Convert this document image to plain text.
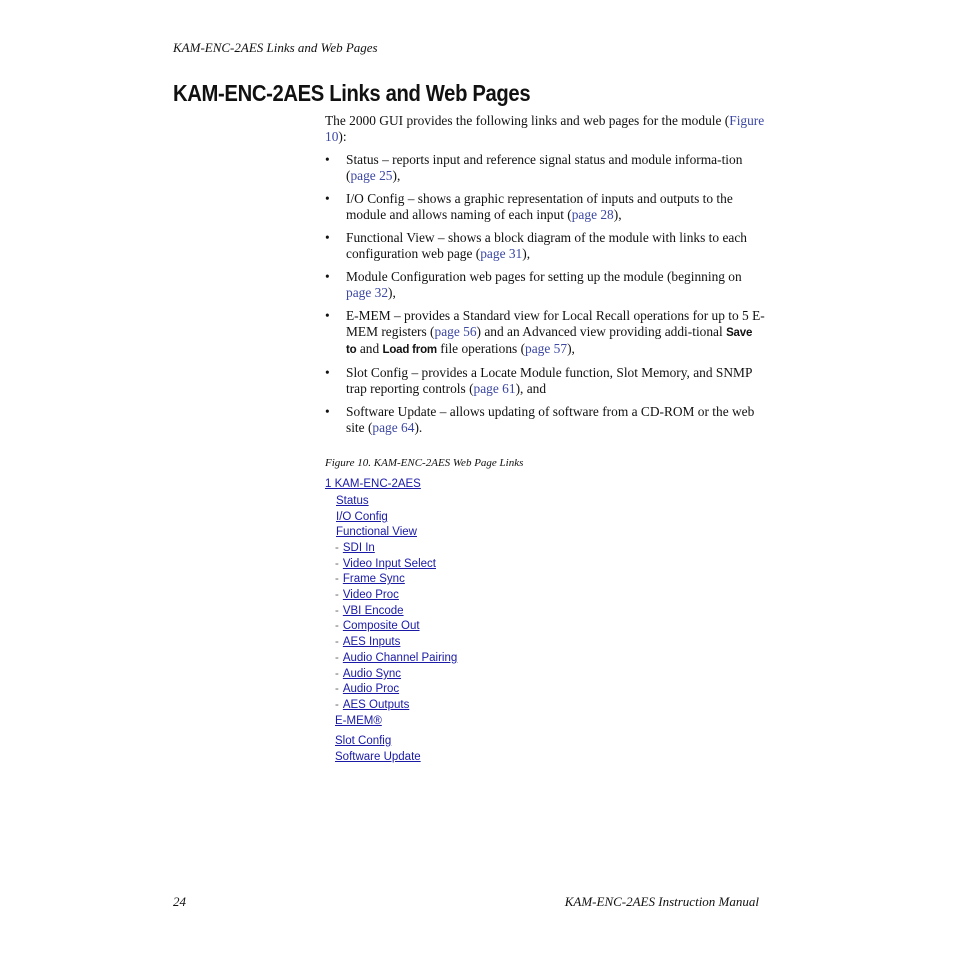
KAM-ENC-2AES Links and Web Pages
KAM-ENC-2AES Links and Web Pages

The 2000 GUI provides the following links and web pages for the module (Figure 10):

• Status – reports input and reference signal status and module informa-tion (page 25),
• I/O Config – shows a graphic representation of inputs and outputs to the module and allows naming of each input (page 28),
• Functional View – shows a block diagram of the module with links to each configuration web page (page 31),
• Module Configuration web pages for setting up the module (beginning on page 32),
• E-MEM – provides a Standard view for Local Recall operations for up to 5 E-MEM registers (page 56) and an Advanced view providing addi-tional Save to and Load from file operations (page 57),
• Slot Config – provides a Locate Module function, Slot Memory, and SNMP trap reporting controls (page 61), and
• Software Update – allows updating of software from a CD-ROM or the web site (page 64).
Figure 10. KAM-ENC-2AES Web Page Links
1 KAM-ENC-2AES
Status
I/O Config
Functional View
- SDI In
- Video Input Select
- Frame Sync
- Video Proc
- VBI Encode
- Composite Out
- AES Inputs
- Audio Channel Pairing
- Audio Sync
- Audio Proc
- AES Outputs
E-MEM®
Slot Config
Software Update
24	KAM-ENC-2AES Instruction Manual
